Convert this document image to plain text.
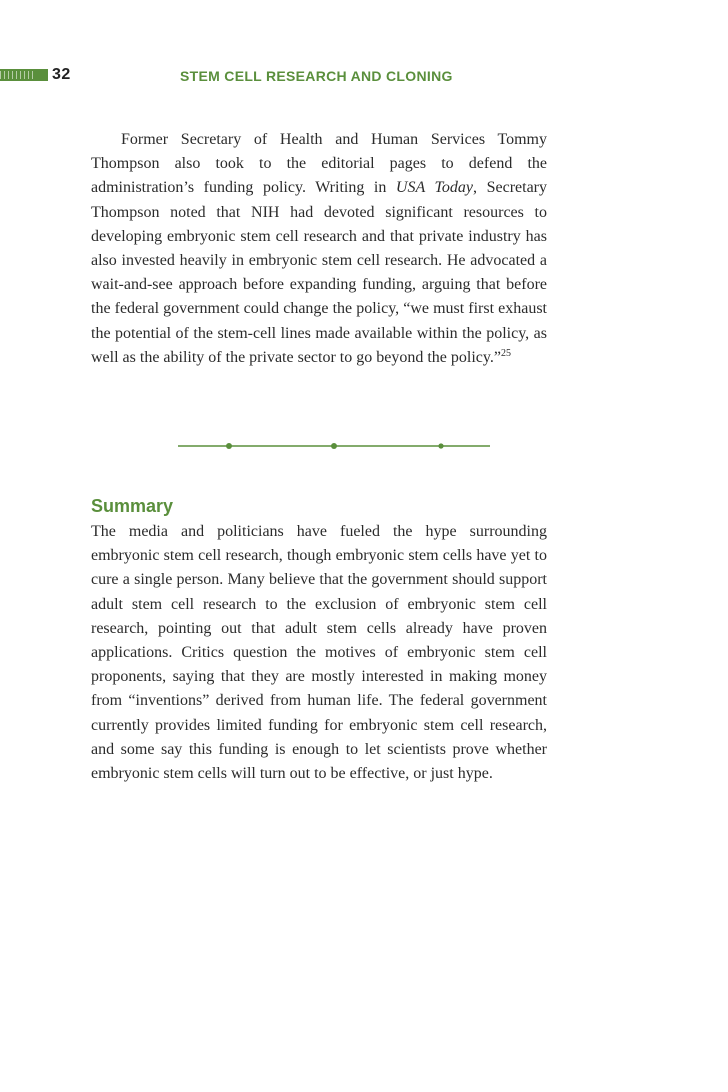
32	STEM CELL RESEARCH AND CLONING

Former Secretary of Health and Human Services Tommy Thompson also took to the editorial pages to defend the administration’s funding policy. Writing in USA Today, Secretary Thompson noted that NIH had devoted significant resources to developing embryonic stem cell research and that private industry has also invested heavily in embryonic stem cell research. He advocated a wait-and-see approach before expanding funding, arguing that before the federal government could change the policy, “we must first exhaust the potential of the stem-cell lines made available within the policy, as well as the ability of the private sector to go beyond the policy.”$^{25}$

Summary

The media and politicians have fueled the hype surrounding embryonic stem cell research, though embryonic stem cells have yet to cure a single person. Many believe that the government should support adult stem cell research to the exclusion of embryonic stem cell research, pointing out that adult stem cells already have proven applications. Critics question the motives of embryonic stem cell proponents, saying that they are mostly interested in making money from “inventions” derived from human life. The federal government currently provides limited funding for embryonic stem cell research, and some say this funding is enough to let scientists prove whether embryonic stem cells will turn out to be effective, or just hype.
